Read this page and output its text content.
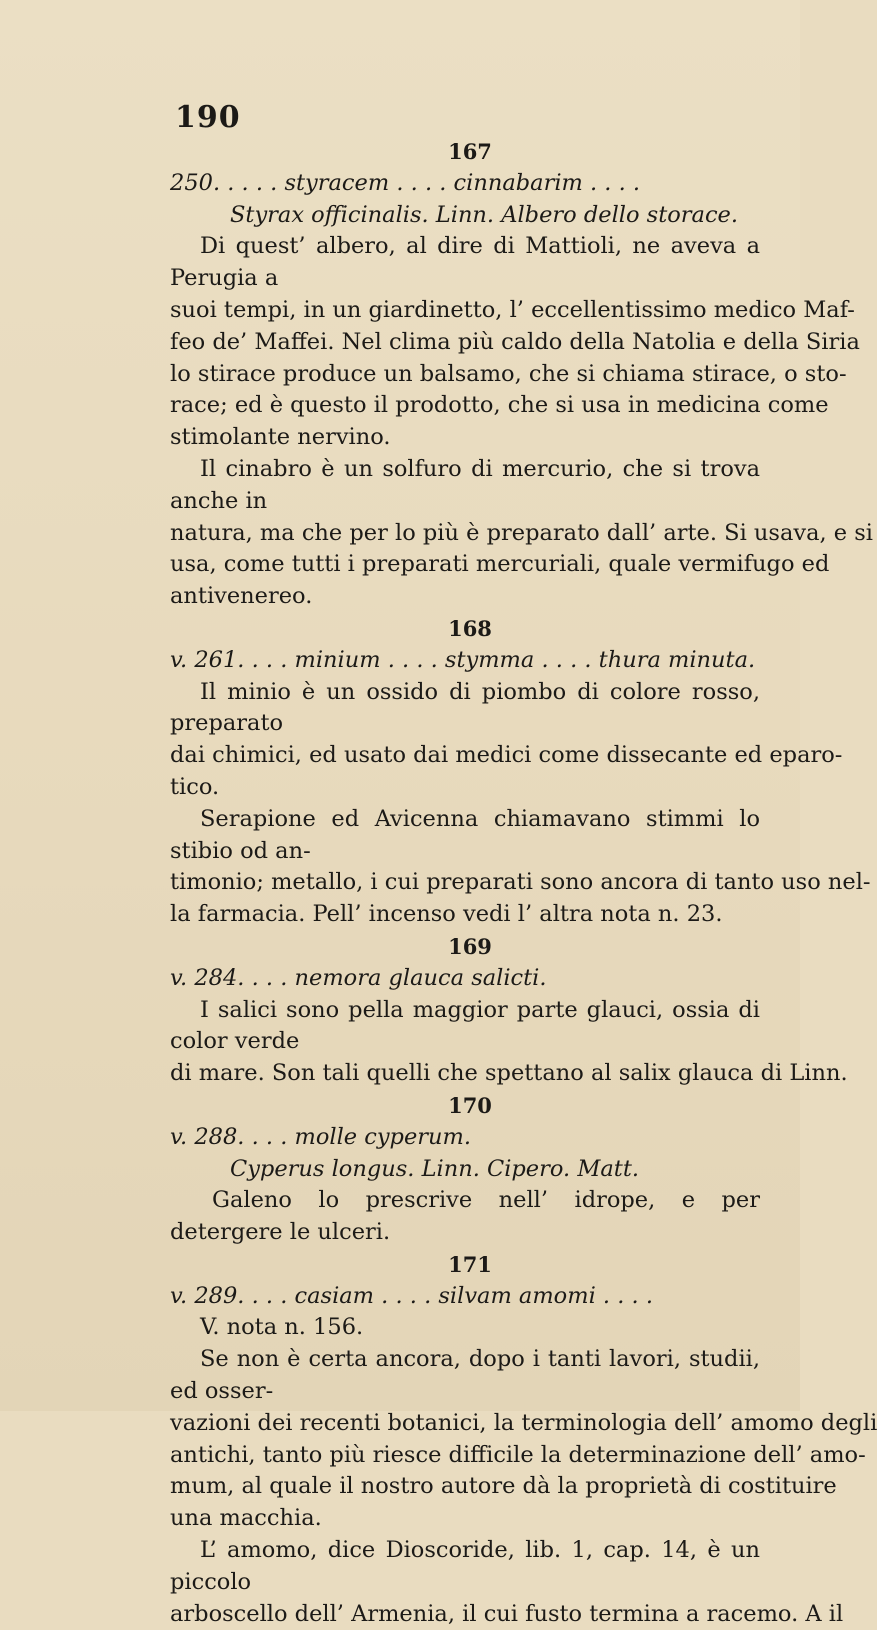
190

167

250. . . . . styracem . . . . cinnabarim . . . .

Styrax officinalis. Linn. Albero dello storace.

Di quest’ albero, al dire di Mattioli, ne aveva a Perugia a

suoi tempi, in un giardinetto, l’ eccellentissimo medico Maf-

feo de’ Maffei. Nel clima più caldo della Natolia e della Siria

lo stirace produce un balsamo, che si chiama stirace, o sto-

race; ed è questo il prodotto, che si usa in medicina come

stimolante nervino.

Il cinabro è un solfuro di mercurio, che si trova anche in

natura, ma che per lo più è preparato dall’ arte. Si usava, e si

usa, come tutti i preparati mercuriali, quale vermifugo ed

antivenereo.

168

v. 261. . . . minium . . . . stymma . . . . thura minuta.

Il minio è un ossido di piombo di colore rosso, preparato

dai chimici, ed usato dai medici come dissecante ed eparo-

tico.

Serapione ed Avicenna chiamavano stimmi lo stibio od an-

timonio; metallo, i cui preparati sono ancora di tanto uso nel-

la farmacia. Pell’ incenso vedi l’ altra nota n. 23.

169

v. 284. . . . nemora glauca salicti.

I salici sono pella maggior parte glauci, ossia di color verde

di mare. Son tali quelli che spettano al salix glauca di Linn.

170

v. 288. . . . molle cyperum.

Cyperus longus. Linn. Cipero. Matt.

Galeno lo prescrive nell’ idrope, e per detergere le ulceri.

171

v. 289. . . . casiam . . . . silvam amomi . . . .

V. nota n. 156.

Se non è certa ancora, dopo i tanti lavori, studii, ed osser-

vazioni dei recenti botanici, la terminologia dell’ amomo degli

antichi, tanto più riesce difficile la determinazione dell’ amo-

mum, al quale il nostro autore dà la proprietà di costituire

una macchia.

L’ amomo, dice Dioscoride, lib. 1, cap. 14, è un piccolo

arboscello dell’ Armenia, il cui fusto termina a racemo. A il
